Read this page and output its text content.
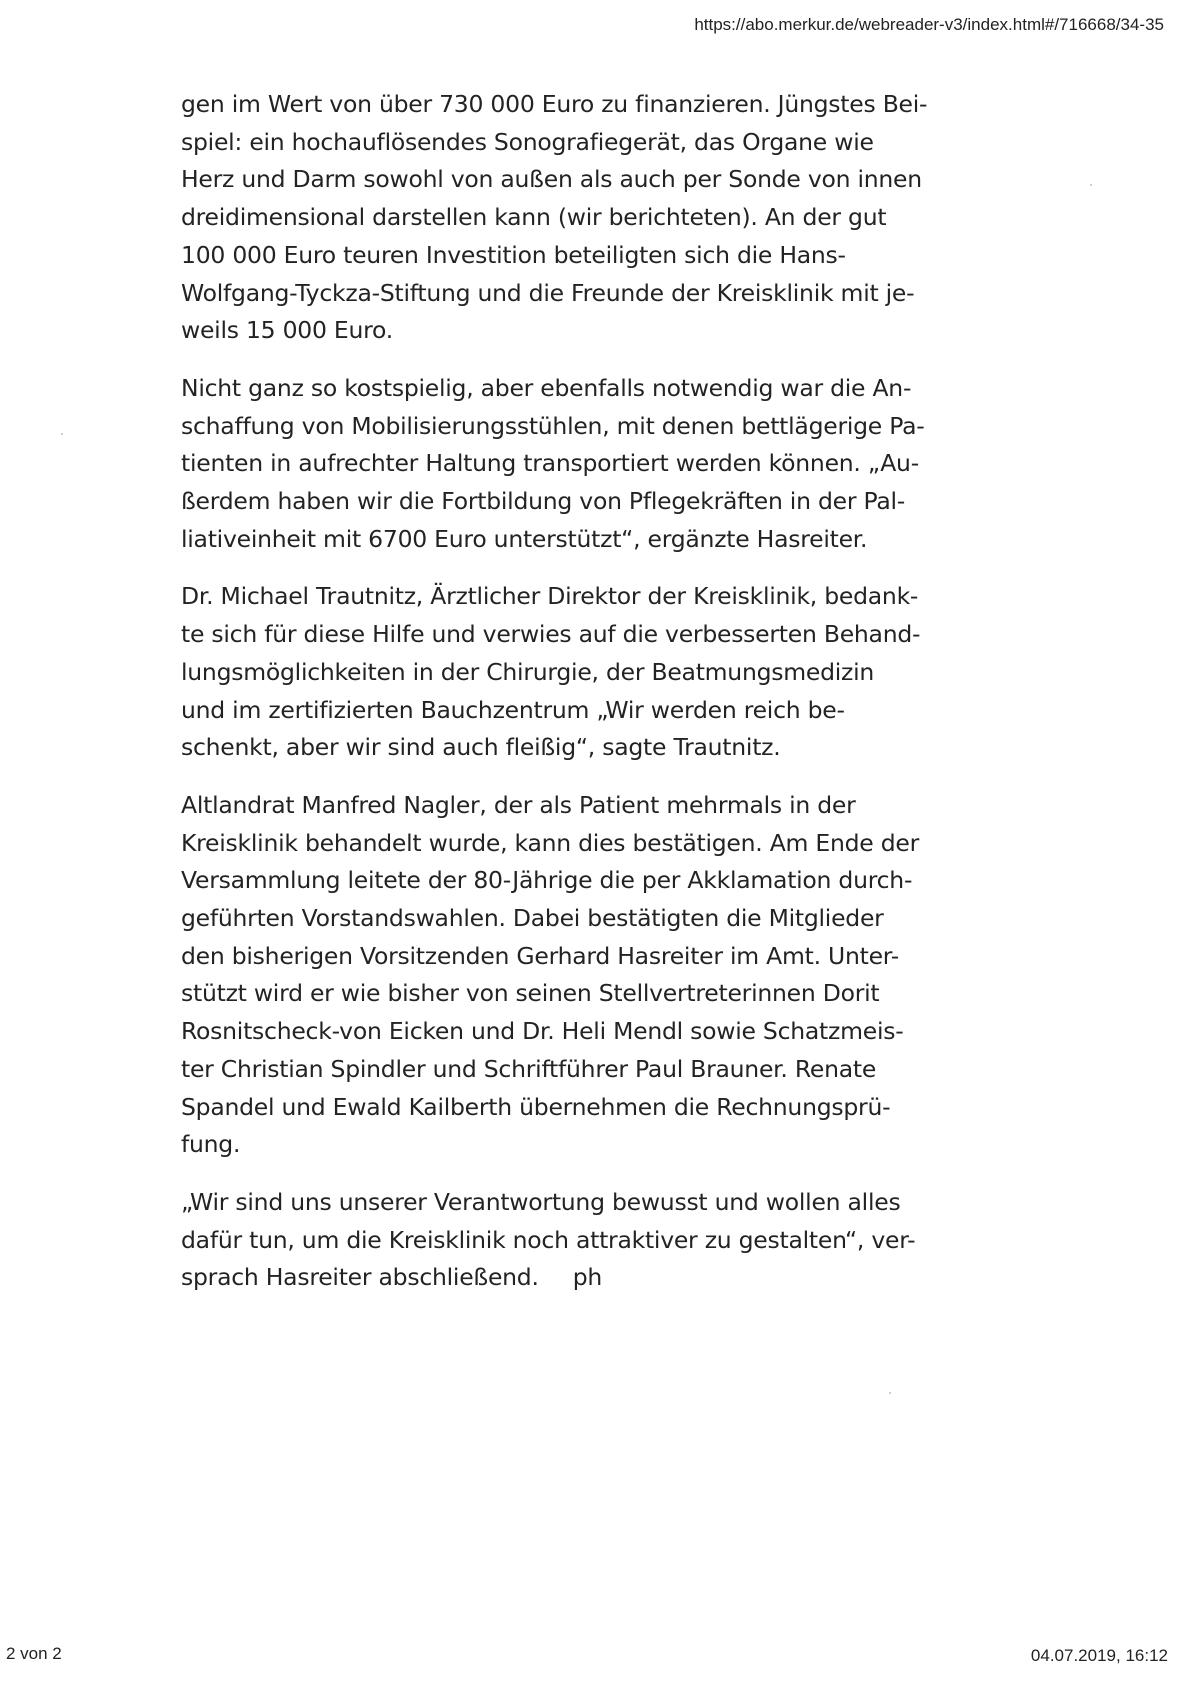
https://abo.merkur.de/webreader-v3/index.html#/716668/34-35
gen im Wert von über 730 000 Euro zu finanzieren. Jüngstes Bei-
spiel: ein hochauflösendes Sonografiegerät, das Organe wie
Herz und Darm sowohl von außen als auch per Sonde von innen
dreidimensional darstellen kann (wir berichteten). An der gut
100 000 Euro teuren Investition beteiligten sich die Hans-
Wolfgang-Tyckza-Stiftung und die Freunde der Kreisklinik mit je-
weils 15 000 Euro.
Nicht ganz so kostspielig, aber ebenfalls notwendig war die An-
schaffung von Mobilisierungsstühlen, mit denen bettlägerige Pa-
tienten in aufrechter Haltung transportiert werden können. „Au-
ßerdem haben wir die Fortbildung von Pflegekräften in der Pal-
liativeinheit mit 6700 Euro unterstützt“, ergänzte Hasreiter.
Dr. Michael Trautnitz, Ärztlicher Direktor der Kreisklinik, bedank-
te sich für diese Hilfe und verwies auf die verbesserten Behand-
lungsmöglichkeiten in der Chirurgie, der Beatmungsmedizin
und im zertifizierten Bauchzentrum „Wir werden reich be-
schenkt, aber wir sind auch fleißig“, sagte Trautnitz.
Altlandrat Manfred Nagler, der als Patient mehrmals in der
Kreisklinik behandelt wurde, kann dies bestätigen. Am Ende der
Versammlung leitete der 80-Jährige die per Akklamation durch-
geführten Vorstandswahlen. Dabei bestätigten die Mitglieder
den bisherigen Vorsitzenden Gerhard Hasreiter im Amt. Unter-
stützt wird er wie bisher von seinen Stellvertreterinnen Dorit
Rosnitscheck-von Eicken und Dr. Heli Mendl sowie Schatzmeis-
ter Christian Spindler und Schriftführer Paul Brauner. Renate
Spandel und Ewald Kailberth übernehmen die Rechnungsprü-
fung.
„Wir sind uns unserer Verantwortung bewusst und wollen alles
dafür tun, um die Kreisklinik noch attraktiver zu gestalten“, ver-
sprach Hasreiter abschließend. ph
2 von 2	04.07.2019, 16:12
